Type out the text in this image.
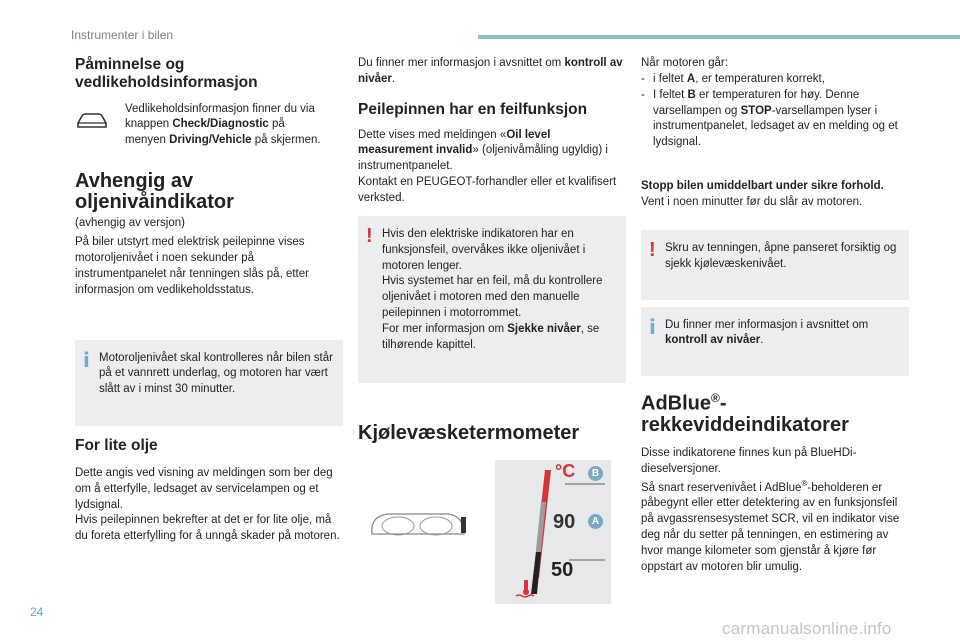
Instrumenter i bilen
Påminnelse og vedlikeholdsinformasjon
Vedlikeholdsinformasjon finner du via knappen Check/Diagnostic på menyen Driving/Vehicle på skjermen.
Avhengig av oljenivåindikator

(avhengig av versjon)

På biler utstyrt med elektrisk peilepinne vises motoroljenivået i noen sekunder på instrumentpanelet når tenningen slås på, etter informasjon om vedlikeholdsstatus.

i Motoroljenivået skal kontrolleres når bilen står på et vannrett underlag, og motoren har vært slått av i minst 30 minutter.

For lite olje

Dette angis ved visning av meldingen som ber deg om å etterfylle, ledsaget av servicelampen og et lydsignal.

Hvis peilepinnen bekrefter at det er for lite olje, må du foreta etterfylling for å unngå skader på motoren.

Du finner mer informasjon i avsnittet om kontroll av nivåer.

Peilepinnen har en feilfunksjon

Dette vises med meldingen «Oil level measurement invalid» (oljenivåmåling ugyldig) i instrumentpanelet.

Kontakt en PEUGEOT-forhandler eller et kvalifisert verksted.

! Hvis den elektriske indikatoren har en funksjonsfeil, overvåkes ikke oljenivået i motoren lenger.

Hvis systemet har en feil, må du kontrollere oljenivået i motoren med den manuelle peilepinnen i motorrommet.

For mer informasjon om Sjekke nivåer, se tilhørende kapittel.

Kjølevæsketermometer
°C
90
50
B
A

Når motoren går:

- i feltet A, er temperaturen korrekt,
- I feltet B er temperaturen for høy. Denne varsellampen og STOP-varsellampen lyser i instrumentpanelet, ledsaget av en melding og et lydsignal.

Stopp bilen umiddelbart under sikre forhold.

Vent i noen minutter før du slår av motoren.

! Skru av tenningen, åpne panseret forsiktig og sjekk kjølevæskenivået.

i Du finner mer informasjon i avsnittet om kontroll av nivåer.

AdBlue®-rekkeviddeindikatorer

Disse indikatorene finnes kun på BlueHDi-dieselversjoner.

Så snart reservenivået i AdBlue®-beholderen er påbegynt eller etter detektering av en funksjonsfeil på avgassrensesystemet SCR, vil en indikator vise deg når du setter på tenningen, en estimering av hvor mange kilometer som gjenstår å kjøre før oppstart av motoren blir umulig.

24
carmanualsonline.info
